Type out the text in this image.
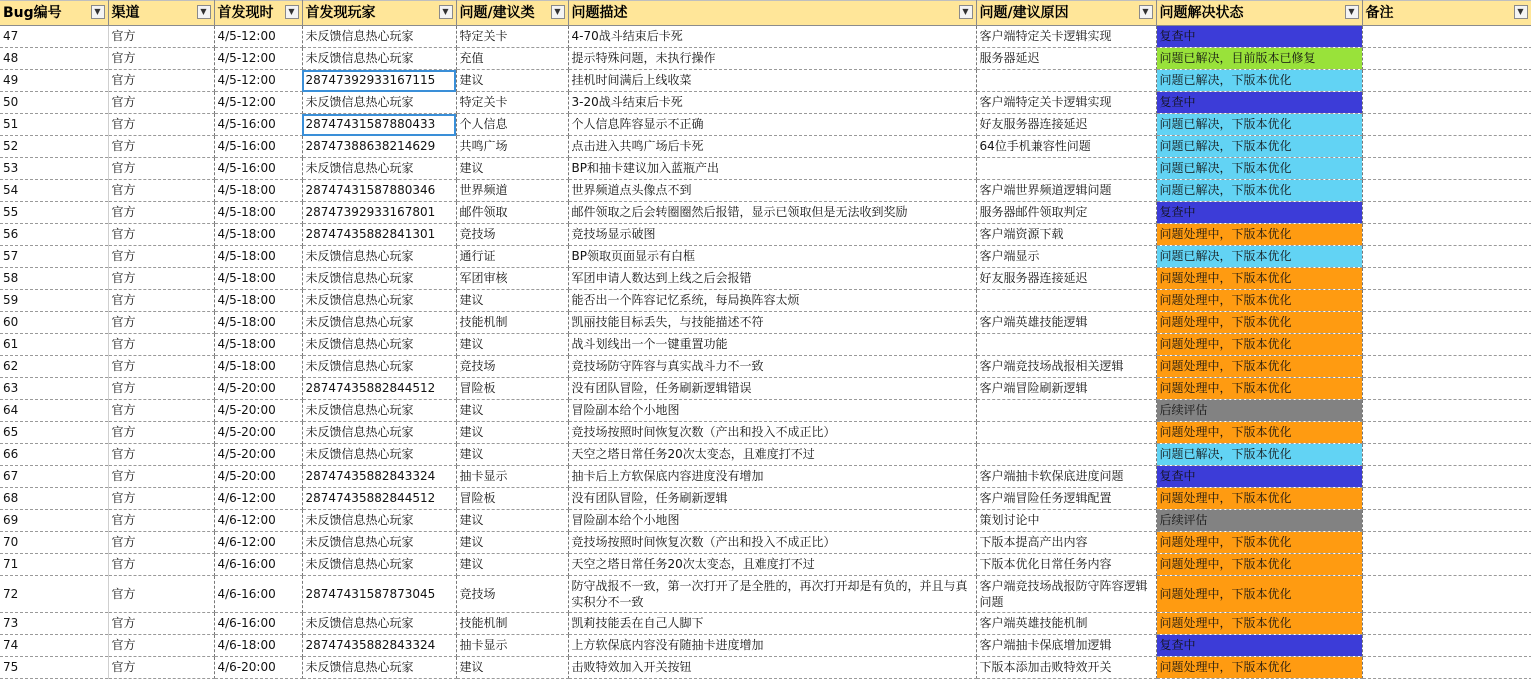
Bug编号 ▼	渠道 ▼	首发现时 ▼	首发现玩家 ▼	问题/建议类 ▼	问题描述 ▼	问题/建议原因 ▼	问题解决状态 ▼	备注 ▼

47	官方	4/5-12:00	未反馈信息热心玩家	特定关卡	4-70战斗结束后卡死	客户端特定关卡逻辑实现	复查中	
48	官方	4/5-12:00	未反馈信息热心玩家	充值	提示特殊问题，未执行操作	服务器延迟	问题已解决，目前版本已修复	
49	官方	4/5-12:00	28747392933167115	建议	挂机时间满后上线收菜		问题已解决，下版本优化	
50	官方	4/5-12:00	未反馈信息热心玩家	特定关卡	3-20战斗结束后卡死	客户端特定关卡逻辑实现	复查中	
51	官方	4/5-16:00	28747431587880433	个人信息	个人信息阵容显示不正确	好友服务器连接延迟	问题已解决，下版本优化	
52	官方	4/5-16:00	28747388638214629	共鸣广场	点击进入共鸣广场后卡死	64位手机兼容性问题	问题已解决，下版本优化	
53	官方	4/5-16:00	未反馈信息热心玩家	建议	BP和抽卡建议加入蓝瓶产出		问题已解决，下版本优化	
54	官方	4/5-18:00	28747431587880346	世界频道	世界频道点头像点不到	客户端世界频道逻辑问题	问题已解决，下版本优化	
55	官方	4/5-18:00	28747392933167801	邮件领取	邮件领取之后会转圈圈然后报错，显示已领取但是无法收到奖励	服务器邮件领取判定	复查中	
56	官方	4/5-18:00	28747435882841301	竞技场	竞技场显示破图	客户端资源下载	问题处理中，下版本优化	
57	官方	4/5-18:00	未反馈信息热心玩家	通行证	BP领取页面显示有白框	客户端显示	问题已解决，下版本优化	
58	官方	4/5-18:00	未反馈信息热心玩家	军团审核	军团申请人数达到上线之后会报错	好友服务器连接延迟	问题处理中，下版本优化	
59	官方	4/5-18:00	未反馈信息热心玩家	建议	能否出一个阵容记忆系统，每局换阵容太烦		问题处理中，下版本优化	
60	官方	4/5-18:00	未反馈信息热心玩家	技能机制	凯丽技能目标丢失，与技能描述不符	客户端英雄技能逻辑	问题处理中，下版本优化	
61	官方	4/5-18:00	未反馈信息热心玩家	建议	战斗划线出一个一键重置功能		问题处理中，下版本优化	
62	官方	4/5-18:00	未反馈信息热心玩家	竞技场	竞技场防守阵容与真实战斗力不一致	客户端竞技场战报相关逻辑	问题处理中，下版本优化	
63	官方	4/5-20:00	28747435882844512	冒险板	没有团队冒险，任务刷新逻辑错误	客户端冒险刷新逻辑	问题处理中，下版本优化	
64	官方	4/5-20:00	未反馈信息热心玩家	建议	冒险副本给个小地图		后续评估	
65	官方	4/5-20:00	未反馈信息热心玩家	建议	竞技场按照时间恢复次数（产出和投入不成正比）		问题处理中，下版本优化	
66	官方	4/5-20:00	未反馈信息热心玩家	建议	天空之塔日常任务20次太变态，且难度打不过		问题已解决，下版本优化	
67	官方	4/5-20:00	28747435882843324	抽卡显示	抽卡后上方软保底内容进度没有增加	客户端抽卡软保底进度问题	复查中	
68	官方	4/6-12:00	28747435882844512	冒险板	没有团队冒险，任务刷新逻辑	客户端冒险任务逻辑配置	问题处理中，下版本优化	
69	官方	4/6-12:00	未反馈信息热心玩家	建议	冒险副本给个小地图	策划讨论中	后续评估	
70	官方	4/6-12:00	未反馈信息热心玩家	建议	竞技场按照时间恢复次数（产出和投入不成正比）	下版本提高产出内容	问题处理中，下版本优化	
71	官方	4/6-16:00	未反馈信息热心玩家	建议	天空之塔日常任务20次太变态，且难度打不过	下版本优化日常任务内容	问题处理中，下版本优化	
72	官方	4/6-16:00	28747431587873045	竞技场	防守战报不一致，第一次打开了是全胜的，再次打开却是有负的，并且与真实积分不一致	客户端竞技场战报防守阵容逻辑问题	问题处理中，下版本优化	
73	官方	4/6-16:00	未反馈信息热心玩家	技能机制	凯莉技能丢在自己人脚下	客户端英雄技能机制	问题处理中，下版本优化	
74	官方	4/6-18:00	28747435882843324	抽卡显示	上方软保底内容没有随抽卡进度增加	客户端抽卡保底增加逻辑	复查中	
75	官方	4/6-20:00	未反馈信息热心玩家	建议	击败特效加入开关按钮	下版本添加击败特效开关	问题处理中，下版本优化	
